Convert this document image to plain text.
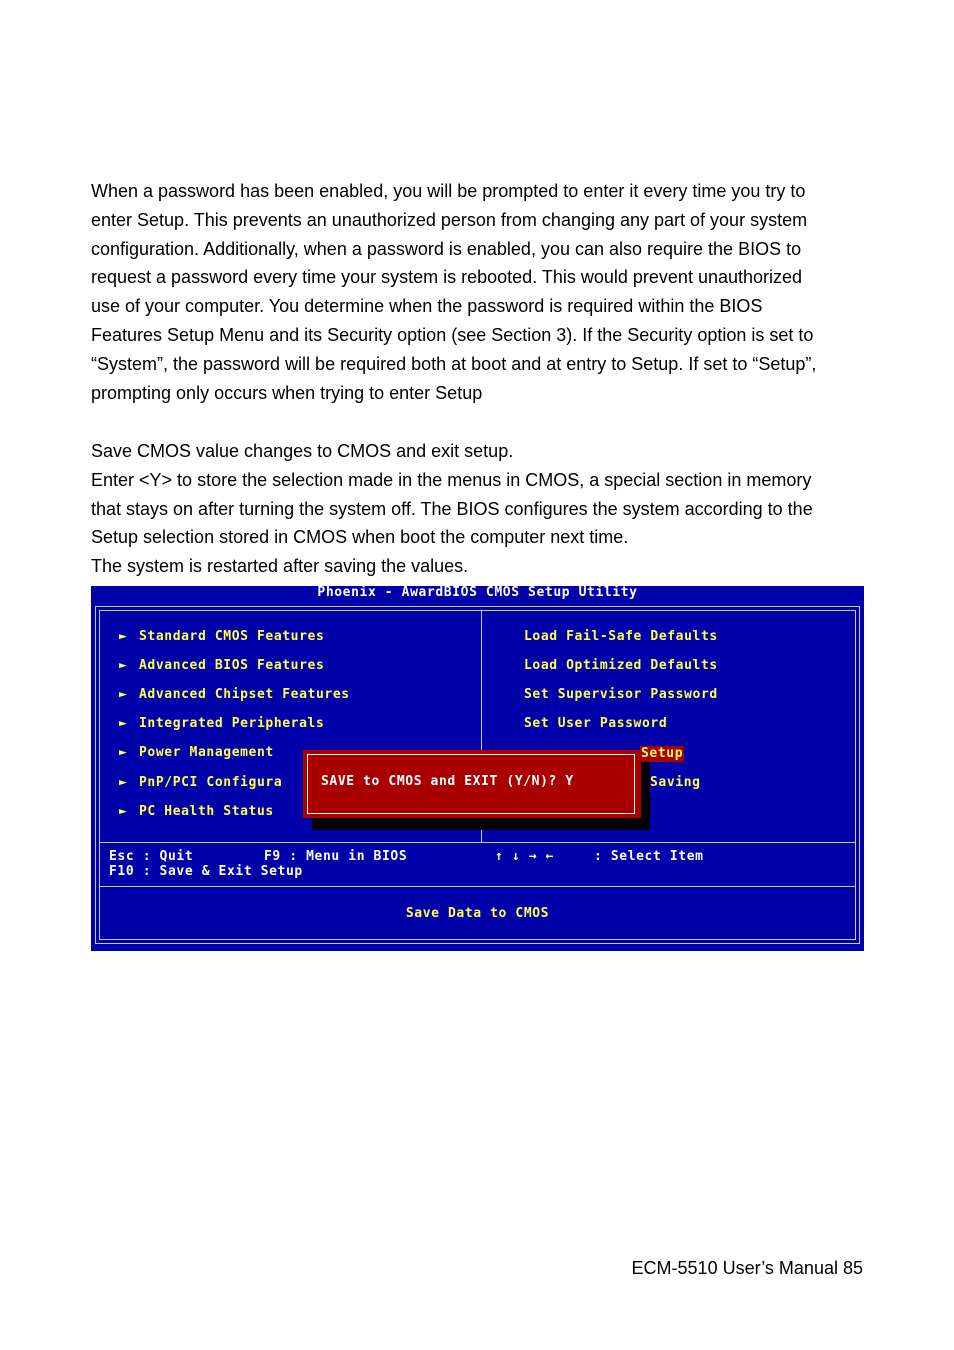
When a password has been enabled, you will be prompted to enter it every time you try to
enter Setup. This prevents an unauthorized person from changing any part of your system
configuration. Additionally, when a password is enabled, you can also require the BIOS to
request a password every time your system is rebooted. This would prevent unauthorized
use of your computer. You determine when the password is required within the BIOS
Features Setup Menu and its Security option (see Section 3). If the Security option is set to
“System”, the password will be required both at boot and at entry to Setup. If set to “Setup”,
prompting only occurs when trying to enter Setup
Save CMOS value changes to CMOS and exit setup.
Enter <Y> to store the selection made in the menus in CMOS, a special section in memory
that stays on after turning the system off. The BIOS configures the system according to the
Setup selection stored in CMOS when boot the computer next time.
The system is restarted after saving the values.
Phoenix - AwardBIOS CMOS Setup Utility
► Standard CMOS Features
► Advanced BIOS Features
► Advanced Chipset Features
► Integrated Peripherals
► Power Management
► PnP/PCI Configura
► PC Health Status
Load Fail-Safe Defaults
Load Optimized Defaults
Set Supervisor Password
Set User Password
Setup
Saving
Esc : Quit	F9 : Menu in BIOS	↑ ↓ → ←	: Select Item
F10 : Save & Exit Setup
Save Data to CMOS
SAVE to CMOS and EXIT (Y/N)? Y
ECM-5510 User’s Manual 85
